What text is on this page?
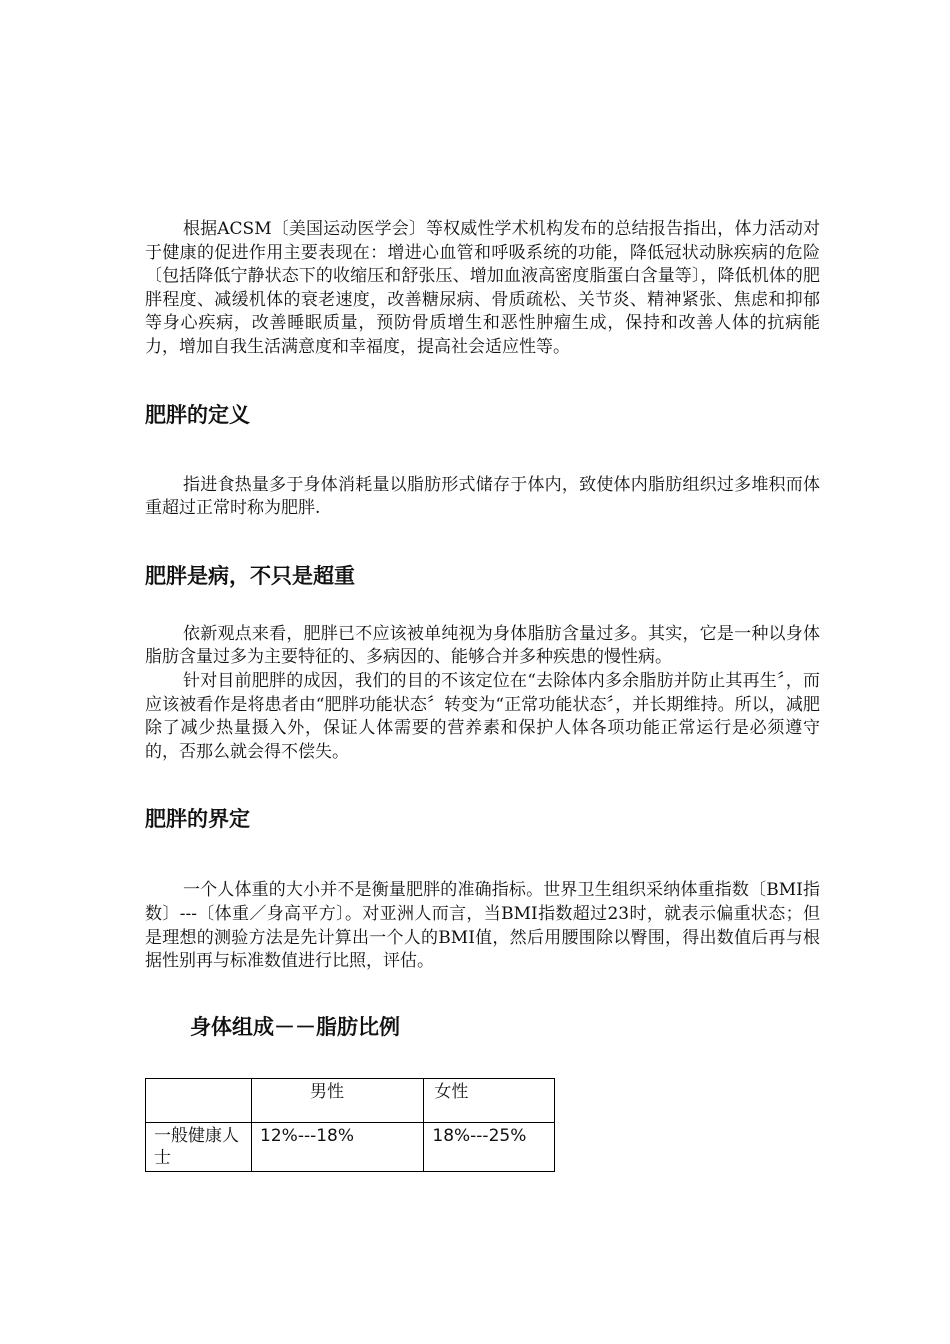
根据ACSM〔美国运动医学会〕等权威性学术机构发布的总结报告指出，体力活动对于健康的促进作用主要表现在：增进心血管和呼吸系统的功能，降低冠状动脉疾病的危险〔包括降低宁静状态下的收缩压和舒张压、增加血液高密度脂蛋白含量等〕，降低机体的肥胖程度、减缓机体的衰老速度，改善糖尿病、骨质疏松、关节炎、精神紧张、焦虑和抑郁等身心疾病，改善睡眠质量，预防骨质增生和恶性肿瘤生成，保持和改善人体的抗病能力，增加自我生活满意度和幸福度，提高社会适应性等。

肥胖的定义

指进食热量多于身体消耗量以脂肪形式储存于体内，致使体内脂肪组织过多堆积而体重超过正常时称为肥胖.

肥胖是病，不只是超重

依新观点来看，肥胖已不应该被单纯视为身体脂肪含量过多。其实，它是一种以身体脂肪含量过多为主要特征的、多病因的、能够合并多种疾患的慢性病。

针对目前肥胖的成因，我们的目的不该定位在“去除体内多余脂肪并防止其再生〞，而应该被看作是将患者由“肥胖功能状态〞转变为“正常功能状态〞，并长期维持。所以，减肥除了减少热量摄入外，保证人体需要的营养素和保护人体各项功能正常运行是必须遵守的，否那么就会得不偿失。

肥胖的界定

一个人体重的大小并不是衡量肥胖的准确指标。世界卫生组织采纳体重指数〔BMI指数〕---〔体重／身高平方〕。对亚洲人而言，当BMI指数超过23时，就表示偏重状态；但是理想的测验方法是先计算出一个人的BMI值，然后用腰围除以臀围，得出数值后再与根据性别再与标准数值进行比照，评估。

身体组成－－脂肪比例
	男性	女性
一般健康人士	12%---18%	18%---25%
